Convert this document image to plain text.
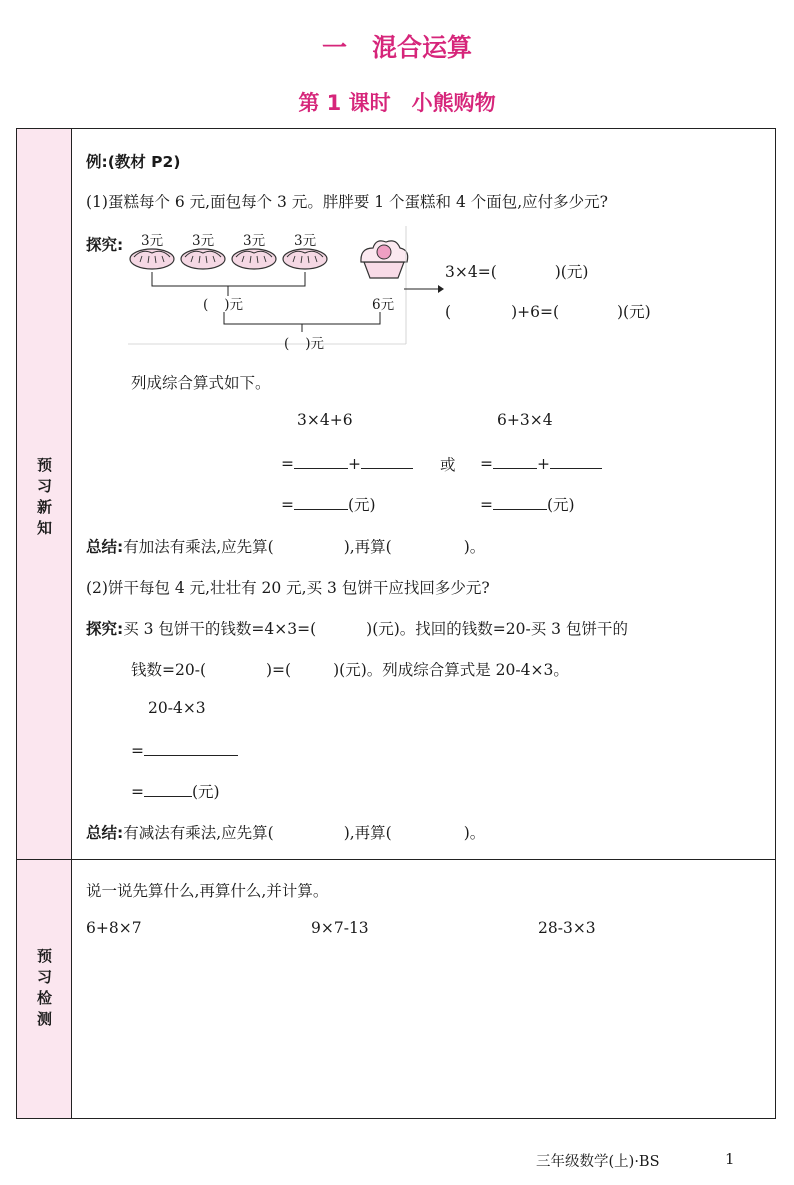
一　混合运算
第 1 课时　小熊购物
预
习
新
知
预
习
检
测
例:(教材 P2)
(1)蛋糕每个 6 元,面包每个 3 元。胖胖要 1 个蛋糕和 4 个面包,应付多少元?
探究: 3元 3元 3元 3元
( )元	6元
( )元
3×4=(	)(元)
(	)+6=(	)(元)
列成综合算式如下。
3×4+6	6+3×4
=	+	或 =	+
=	(元)	=	(元)
总结:有加法有乘法,应先算(	),再算(	)。
(2)饼干每包 4 元,壮壮有 20 元,买 3 包饼干应找回多少元?
探究:买 3 包饼干的钱数=4×3=(	)(元)。找回的钱数=20-买 3 包饼干的
钱数=20-(	)=(	)(元)。列成综合算式是 20-4×3。
20-4×3
=
=	(元)
总结:有减法有乘法,应先算(	),再算(	)。
说一说先算什么,再算什么,并计算。
6+8×7	9×7-13	28-3×3
三年级数学(上)·BS	1
